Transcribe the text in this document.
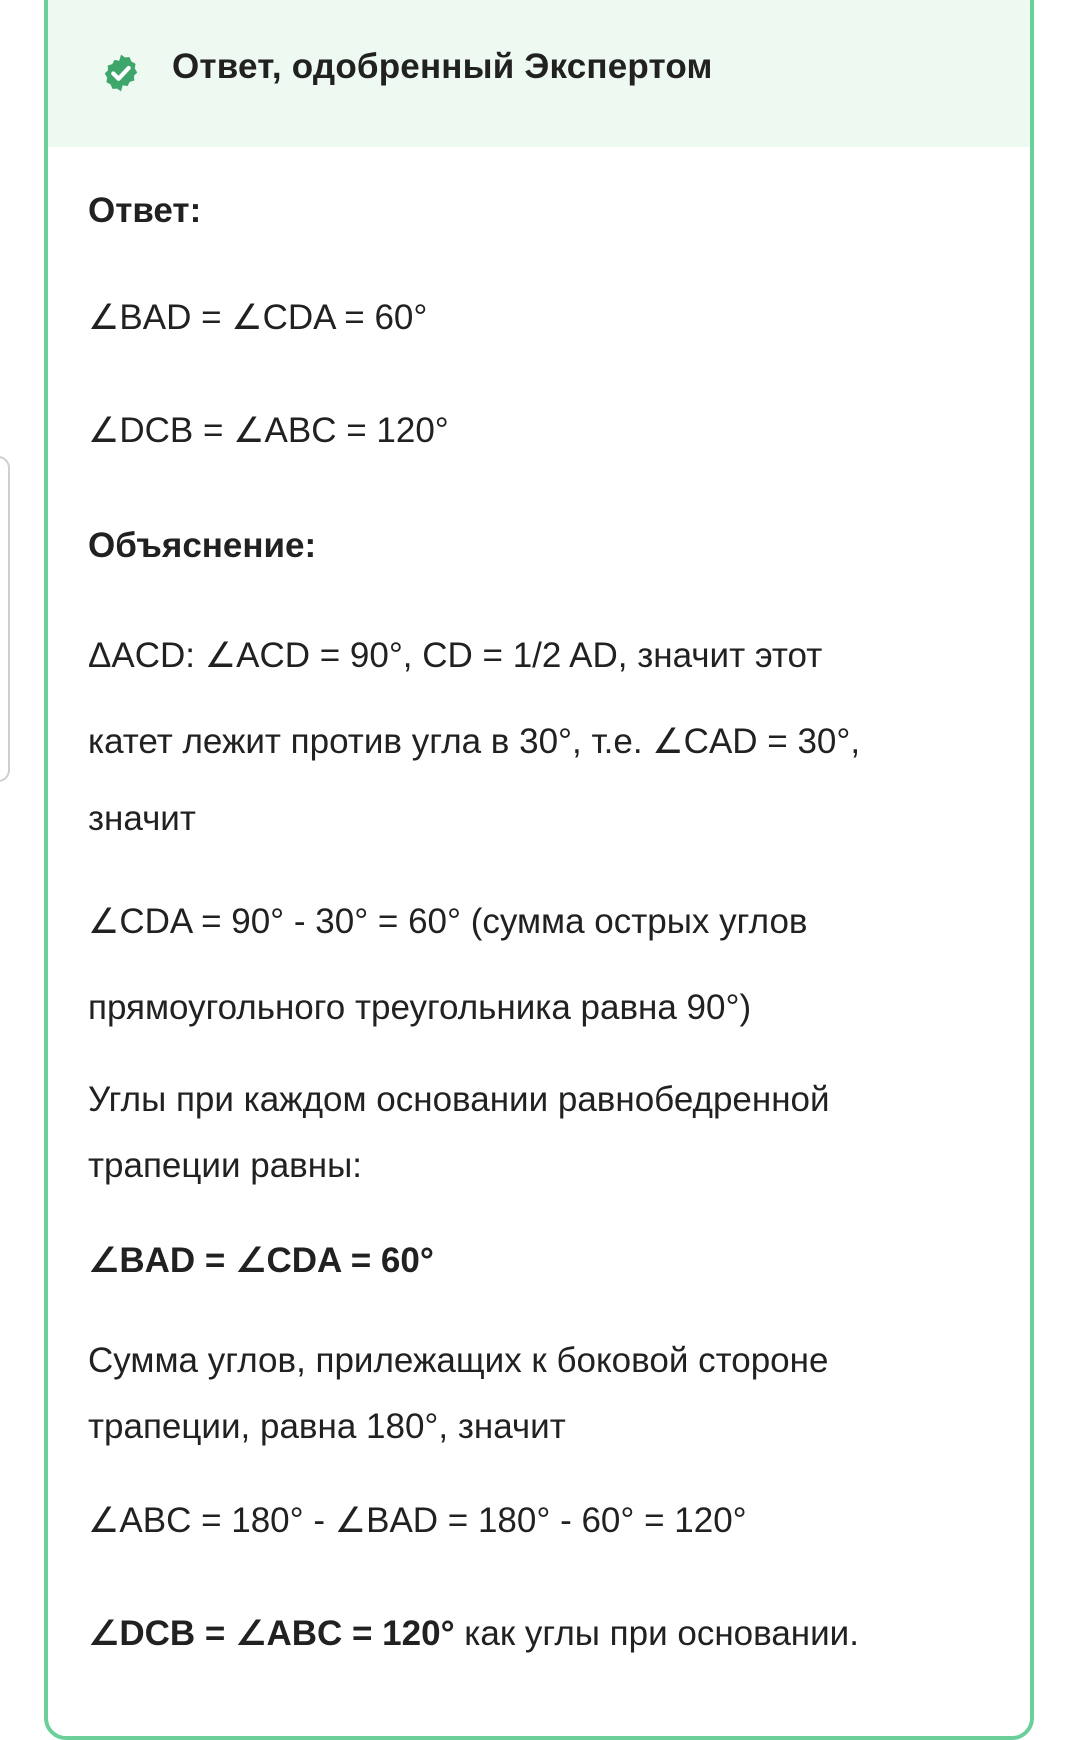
Ответ, одобренный Экспертом
Ответ:
∠BAD = ∠CDA = 60°
∠DCB = ∠ABC = 120°
Объяснение:
ΔACD: ∠ACD = 90°, CD = 1/2 AD, значит этот
катет лежит против угла в 30°, т.е. ∠CAD = 30°,
значит
∠CDA = 90° - 30° = 60° (сумма острых углов
прямоугольного треугольника равна 90°)
Углы при каждом основании равнобедренной
трапеции равны:
∠BAD = ∠CDA = 60°
Сумма углов, прилежащих к боковой стороне
трапеции, равна 180°, значит
∠ABC = 180° - ∠BAD = 180° - 60° = 120°
∠DCB = ∠ABC = 120° как углы при основании.
